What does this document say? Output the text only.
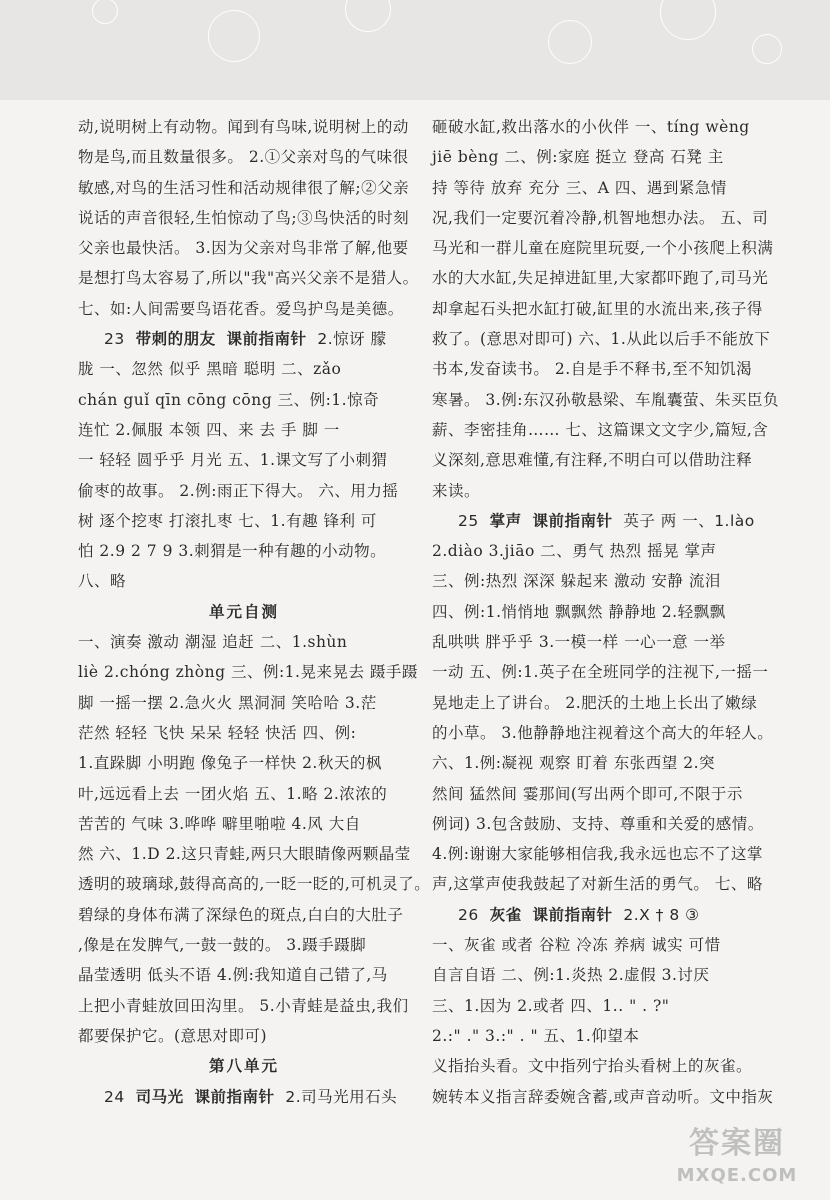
动,说明树上有动物。闻到有鸟味,说明树上的动

物是鸟,而且数量很多。 2.①父亲对鸟的气味很

敏感,对鸟的生活习性和活动规律很了解;②父亲

说话的声音很轻,生怕惊动了鸟;③鸟快活的时刻

父亲也最快活。 3.因为父亲对鸟非常了解,他要

是想打鸟太容易了,所以"我"高兴父亲不是猎人。

七、如:人间需要鸟语花香。爱鸟护鸟是美德。

23 带刺的朋友 课前指南针 2.惊讶 朦

胧 一、忽然 似乎 黑暗 聪明 二、zǎo

chán guǐ qīn cōng cōng 三、例:1.惊奇

连忙 2.佩服 本领 四、来 去 手 脚 一

一 轻轻 圆乎乎 月光 五、1.课文写了小刺猬

偷枣的故事。 2.例:雨正下得大。 六、用力摇

树 逐个挖枣 打滚扎枣 七、1.有趣 锋利 可

怕 2.9 2 7 9 3.刺猬是一种有趣的小动物。

八、略

单元自测

一、演奏 激动 潮湿 追赶 二、1.shùn

liè 2.chóng zhòng 三、例:1.晃来晃去 蹑手蹑

脚 一摇一摆 2.急火火 黑洞洞 笑哈哈 3.茫

茫然 轻轻 飞快 呆呆 轻轻 快活 四、例:

1.直跺脚 小明跑 像兔子一样快 2.秋天的枫

叶,远远看上去 一团火焰 五、1.略 2.浓浓的

苦苦的 气味 3.哗哗 噼里啪啦 4.风 大自

然 六、1.D 2.这只青蛙,两只大眼睛像两颗晶莹

透明的玻璃球,鼓得高高的,一眨一眨的,可机灵了。

碧绿的身体布满了深绿色的斑点,白白的大肚子

,像是在发脾气,一鼓一鼓的。 3.蹑手蹑脚

晶莹透明 低头不语 4.例:我知道自己错了,马

上把小青蛙放回田沟里。 5.小青蛙是益虫,我们

都要保护它。(意思对即可)

第八单元

24 司马光 课前指南针 2.司马光用石头

砸破水缸,救出落水的小伙伴 一、tíng wèng

jiē bèng 二、例:家庭 挺立 登高 石凳 主

持 等待 放弃 充分 三、A 四、遇到紧急情

况,我们一定要沉着冷静,机智地想办法。 五、司

马光和一群儿童在庭院里玩耍,一个小孩爬上积满

水的大水缸,失足掉进缸里,大家都吓跑了,司马光

却拿起石头把水缸打破,缸里的水流出来,孩子得

救了。(意思对即可) 六、1.从此以后手不能放下

书本,发奋读书。 2.自是手不释书,至不知饥渴

寒暑。 3.例:东汉孙敬悬梁、车胤囊萤、朱买臣负

薪、李密挂角…… 七、这篇课文文字少,篇短,含

义深刻,意思难懂,有注释,不明白可以借助注释

来读。

25 掌声 课前指南针 英子 两 一、1.lào

2.diào 3.jiāo 二、勇气 热烈 摇晃 掌声

三、例:热烈 深深 躲起来 激动 安静 流泪

四、例:1.悄悄地 飘飘然 静静地 2.轻飘飘

乱哄哄 胖乎乎 3.一模一样 一心一意 一举

一动 五、例:1.英子在全班同学的注视下,一摇一

晃地走上了讲台。 2.肥沃的土地上长出了嫩绿

的小草。 3.他静静地注视着这个高大的年轻人。

六、1.例:凝视 观察 盯着 东张西望 2.突

然间 猛然间 霎那间(写出两个即可,不限于示

例词) 3.包含鼓励、支持、尊重和关爱的感情。

4.例:谢谢大家能够相信我,我永远也忘不了这掌

声,这掌声使我鼓起了对新生活的勇气。 七、略

26 灰雀 课前指南针 2.X † 8 ③

一、灰雀 或者 谷粒 冷冻 养病 诚实 可惜

自言自语 二、例:1.炎热 2.虚假 3.讨厌

三、1.因为 2.或者 四、1.. " . ?"

2.:" ." 3.:" . " 五、1.仰望本

义指抬头看。文中指列宁抬头看树上的灰雀。

婉转本义指言辞委婉含蓄,或声音动听。文中指灰

答案圈
MXQE.COM
